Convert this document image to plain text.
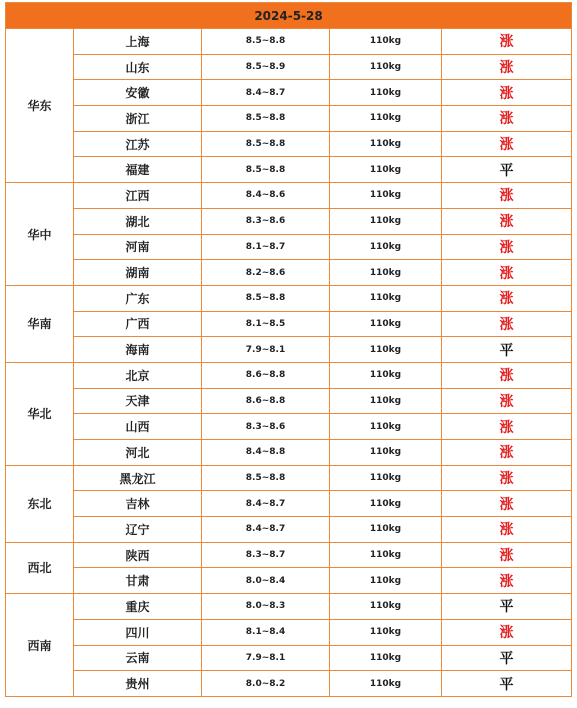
2024-5-28				
华东	上海	8.5~8.8	110kg	涨
	山东	8.5~8.9	110kg	涨
	安徽	8.4~8.7	110kg	涨
	浙江	8.5~8.8	110kg	涨
	江苏	8.5~8.8	110kg	涨
	福建	8.5~8.8	110kg	平
华中	江西	8.4~8.6	110kg	涨
	湖北	8.3~8.6	110kg	涨
	河南	8.1~8.7	110kg	涨
	湖南	8.2~8.6	110kg	涨
华南	广东	8.5~8.8	110kg	涨
	广西	8.1~8.5	110kg	涨
	海南	7.9~8.1	110kg	平
华北	北京	8.6~8.8	110kg	涨
	天津	8.6~8.8	110kg	涨
	山西	8.3~8.6	110kg	涨
	河北	8.4~8.8	110kg	涨
东北	黑龙江	8.5~8.8	110kg	涨
	吉林	8.4~8.7	110kg	涨
	辽宁	8.4~8.7	110kg	涨
西北	陕西	8.3~8.7	110kg	涨
	甘肃	8.0~8.4	110kg	涨
西南	重庆	8.0~8.3	110kg	平
	四川	8.1~8.4	110kg	涨
	云南	7.9~8.1	110kg	平
	贵州	8.0~8.2	110kg	平
